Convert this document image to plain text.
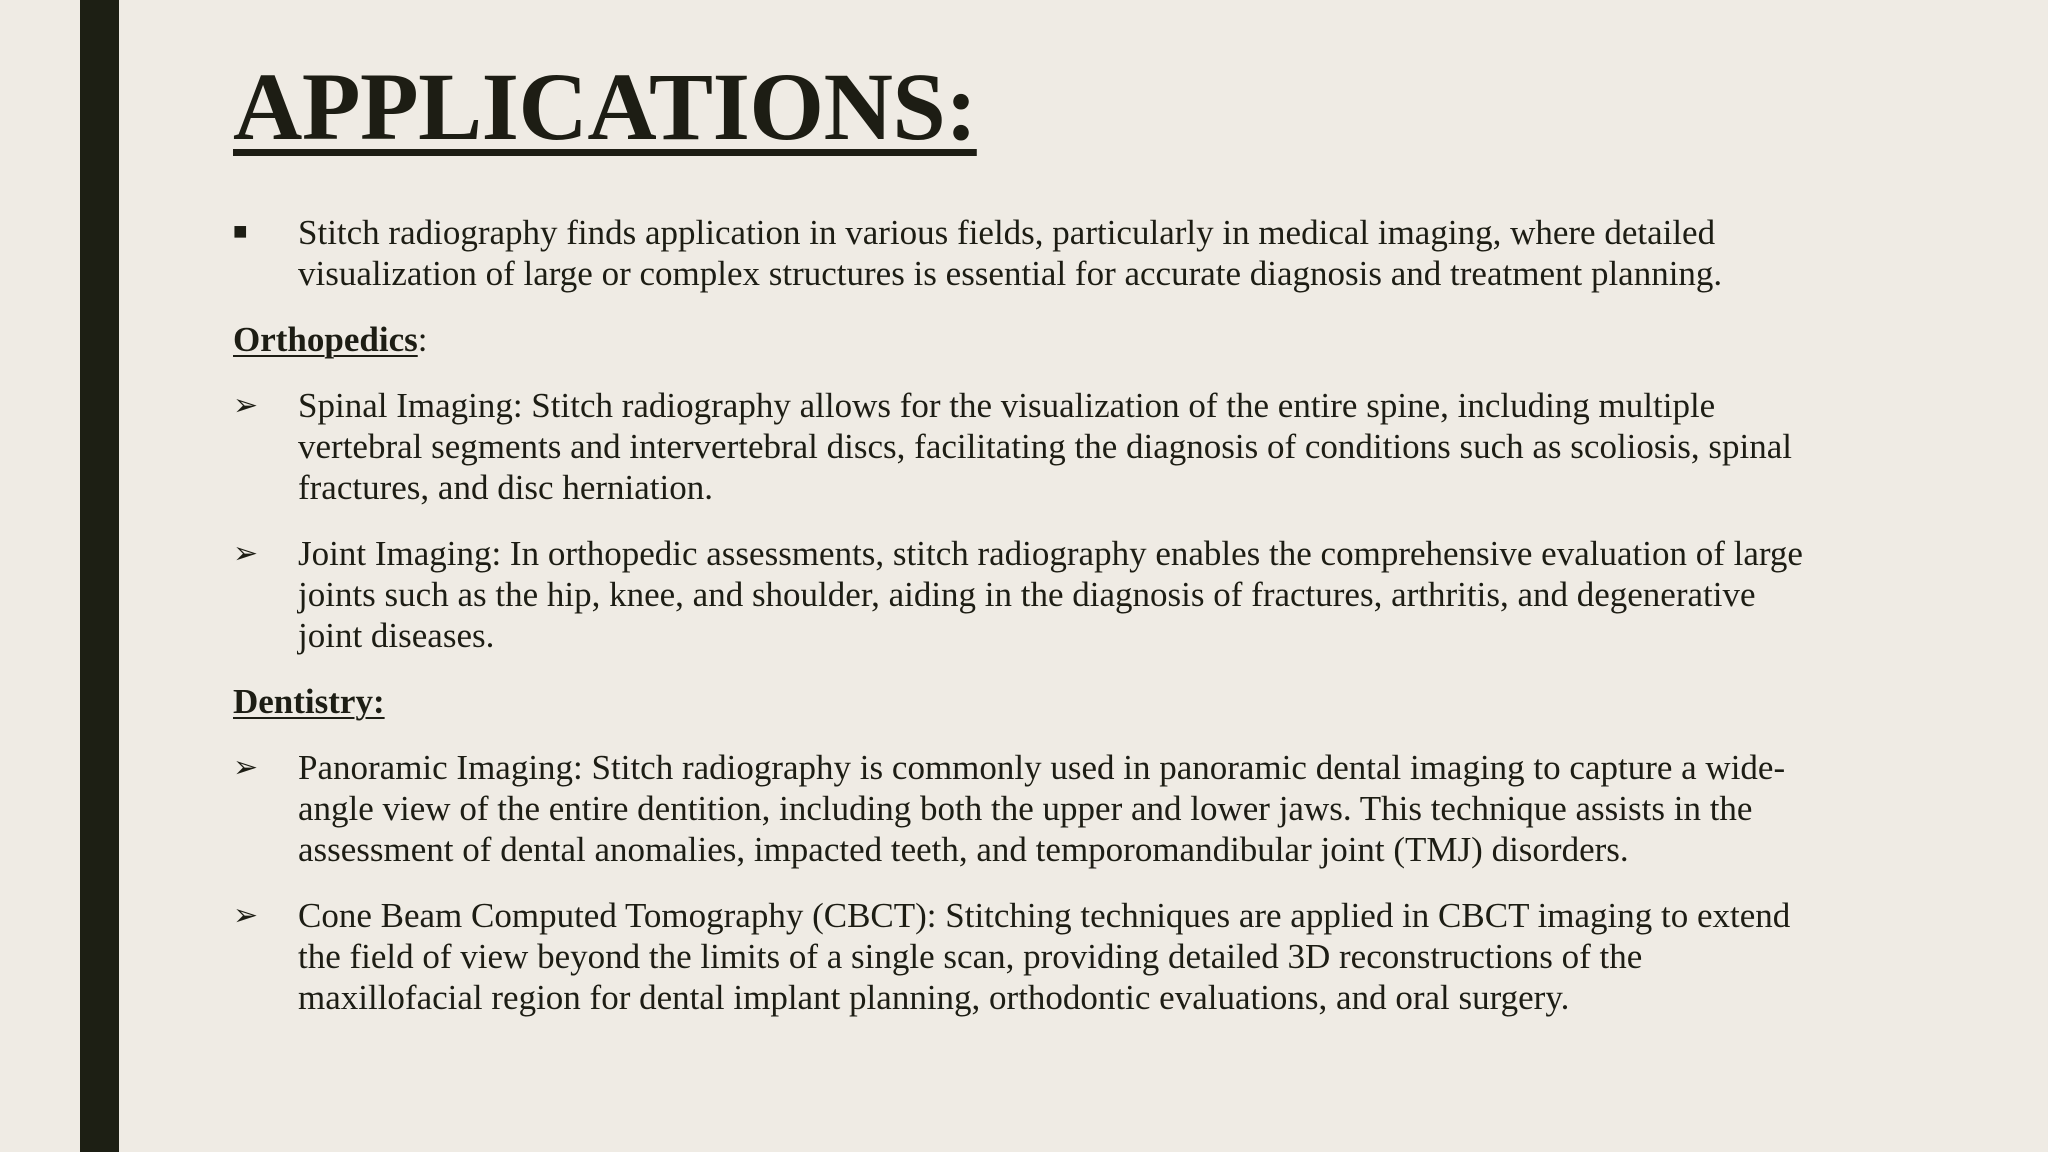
APPLICATIONS:
■	Stitch radiography finds application in various fields, particularly in medical imaging, where detailed visualization of large or complex structures is essential for accurate diagnosis and treatment planning.
Orthopedics:
➢ Spinal Imaging: Stitch radiography allows for the visualization of the entire spine, including multiple vertebral segments and intervertebral discs, facilitating the diagnosis of conditions such as scoliosis, spinal fractures, and disc herniation.
➢ Joint Imaging: In orthopedic assessments, stitch radiography enables the comprehensive evaluation of large joints such as the hip, knee, and shoulder, aiding in the diagnosis of fractures, arthritis, and degenerative joint diseases.
Dentistry:
➢ Panoramic Imaging: Stitch radiography is commonly used in panoramic dental imaging to capture a wide-angle view of the entire dentition, including both the upper and lower jaws. This technique assists in the assessment of dental anomalies, impacted teeth, and temporomandibular joint (TMJ) disorders.
➢ Cone Beam Computed Tomography (CBCT): Stitching techniques are applied in CBCT imaging to extend the field of view beyond the limits of a single scan, providing detailed 3D reconstructions of the maxillofacial region for dental implant planning, orthodontic evaluations, and oral surgery.
